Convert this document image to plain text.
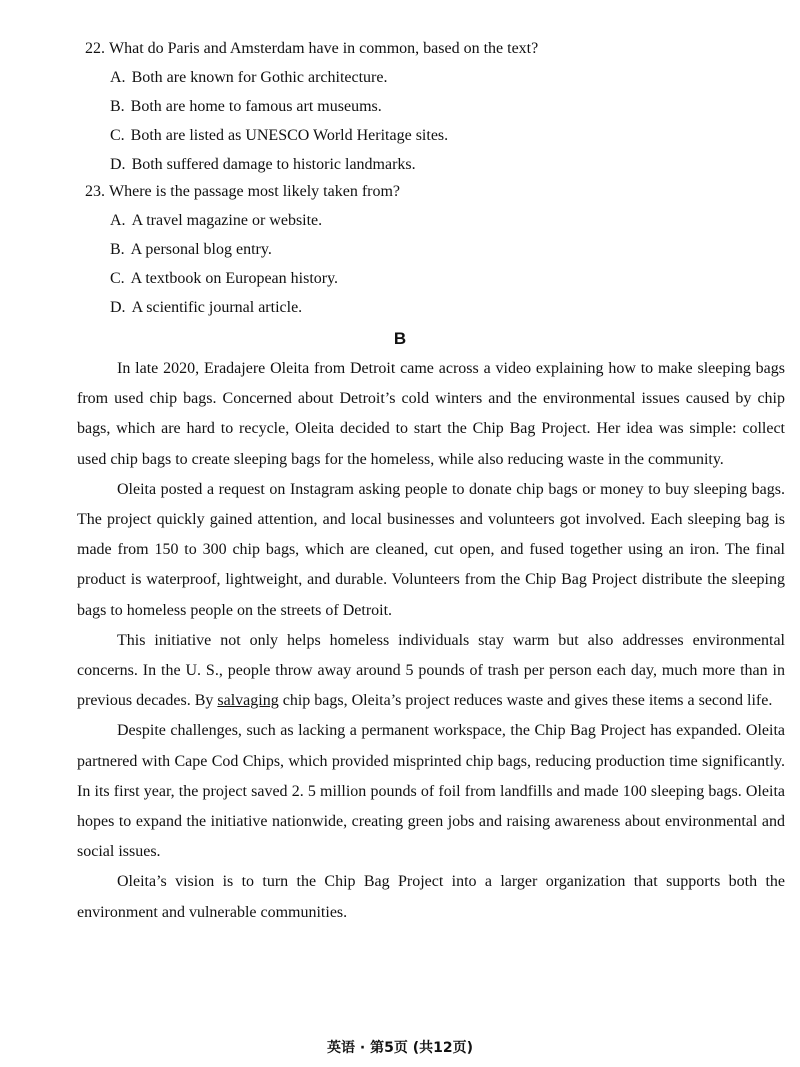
22. What do Paris and Amsterdam have in common, based on the text?
A. Both are known for Gothic architecture.
B. Both are home to famous art museums.
C. Both are listed as UNESCO World Heritage sites.
D. Both suffered damage to historic landmarks.
23. Where is the passage most likely taken from?
A. A travel magazine or website.
B. A personal blog entry.
C. A textbook on European history.
D. A scientific journal article.
B

In late 2020, Eradajere Oleita from Detroit came across a video explaining how to make sleeping bags from used chip bags. Concerned about Detroit’s cold winters and the environmental issues caused by chip bags, which are hard to recycle, Oleita decided to start the Chip Bag Project. Her idea was simple: collect used chip bags to create sleeping bags for the homeless, while also reducing waste in the community.

Oleita posted a request on Instagram asking people to donate chip bags or money to buy sleeping bags. The project quickly gained attention, and local businesses and volunteers got involved. Each sleeping bag is made from 150 to 300 chip bags, which are cleaned, cut open, and fused together using an iron. The final product is waterproof, lightweight, and durable. Volunteers from the Chip Bag Project distribute the sleeping bags to homeless people on the streets of Detroit.

This initiative not only helps homeless individuals stay warm but also addresses environmental concerns. In the U. S., people throw away around 5 pounds of trash per person each day, much more than in previous decades. By salvaging chip bags, Oleita’s project reduces waste and gives these items a second life.

Despite challenges, such as lacking a permanent workspace, the Chip Bag Project has expanded. Oleita partnered with Cape Cod Chips, which provided misprinted chip bags, reducing production time significantly. In its first year, the project saved 2. 5 million pounds of foil from landfills and made 100 sleeping bags. Oleita hopes to expand the initiative nationwide, creating green jobs and raising awareness about environmental and social issues.

Oleita’s vision is to turn the Chip Bag Project into a larger organization that supports both the environment and vulnerable communities.

英语 · 第5页 (共12页)
